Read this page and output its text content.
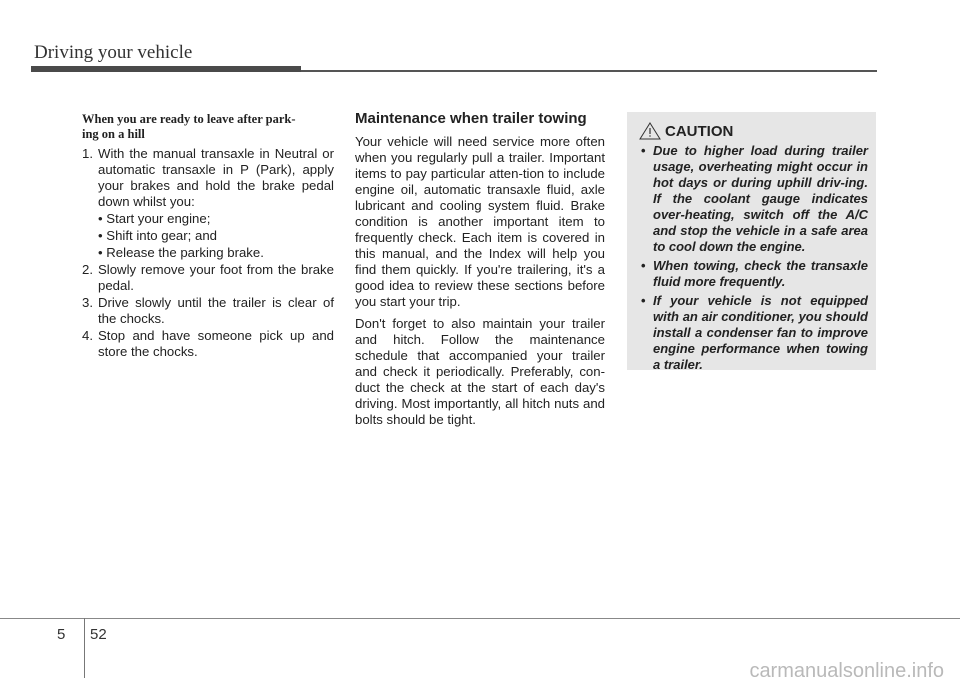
Driving your vehicle
When you are ready to leave after park-
ing on a hill
1. With the manual transaxle in Neutral or automatic transaxle in P (Park), apply your brakes and hold the brake pedal down whilst you:
• Start your engine;
• Shift into gear; and
• Release the parking brake.
2. Slowly remove your foot from the brake pedal.
3. Drive slowly until the trailer is clear of the chocks.
4. Stop and have someone pick up and store the chocks.
Maintenance when trailer towing

Your vehicle will need service more often when you regularly pull a trailer. Important items to pay particular atten-tion to include engine oil, automatic transaxle fluid, axle lubricant and cooling system fluid. Brake condition is another important item to frequently check. Each item is covered in this manual, and the Index will help you find them quickly. If you're trailering, it's a good idea to review these sections before you start your trip.

Don't forget to also maintain your trailer and hitch. Follow the maintenance schedule that accompanied your trailer and check it periodically. Preferably, con-duct the check at the start of each day's driving. Most importantly, all hitch nuts and bolts should be tight.

CAUTION
• Due to higher load during trailer usage, overheating might occur in hot days or during uphill driv-ing. If the coolant gauge indicates over-heating, switch off the A/C and stop the vehicle in a safe area to cool down the engine.
• When towing, check the transaxle fluid more frequently.
• If your vehicle is not equipped with an air conditioner, you should install a condenser fan to improve engine performance when towing a trailer.
5 52
carmanualsonline.info
